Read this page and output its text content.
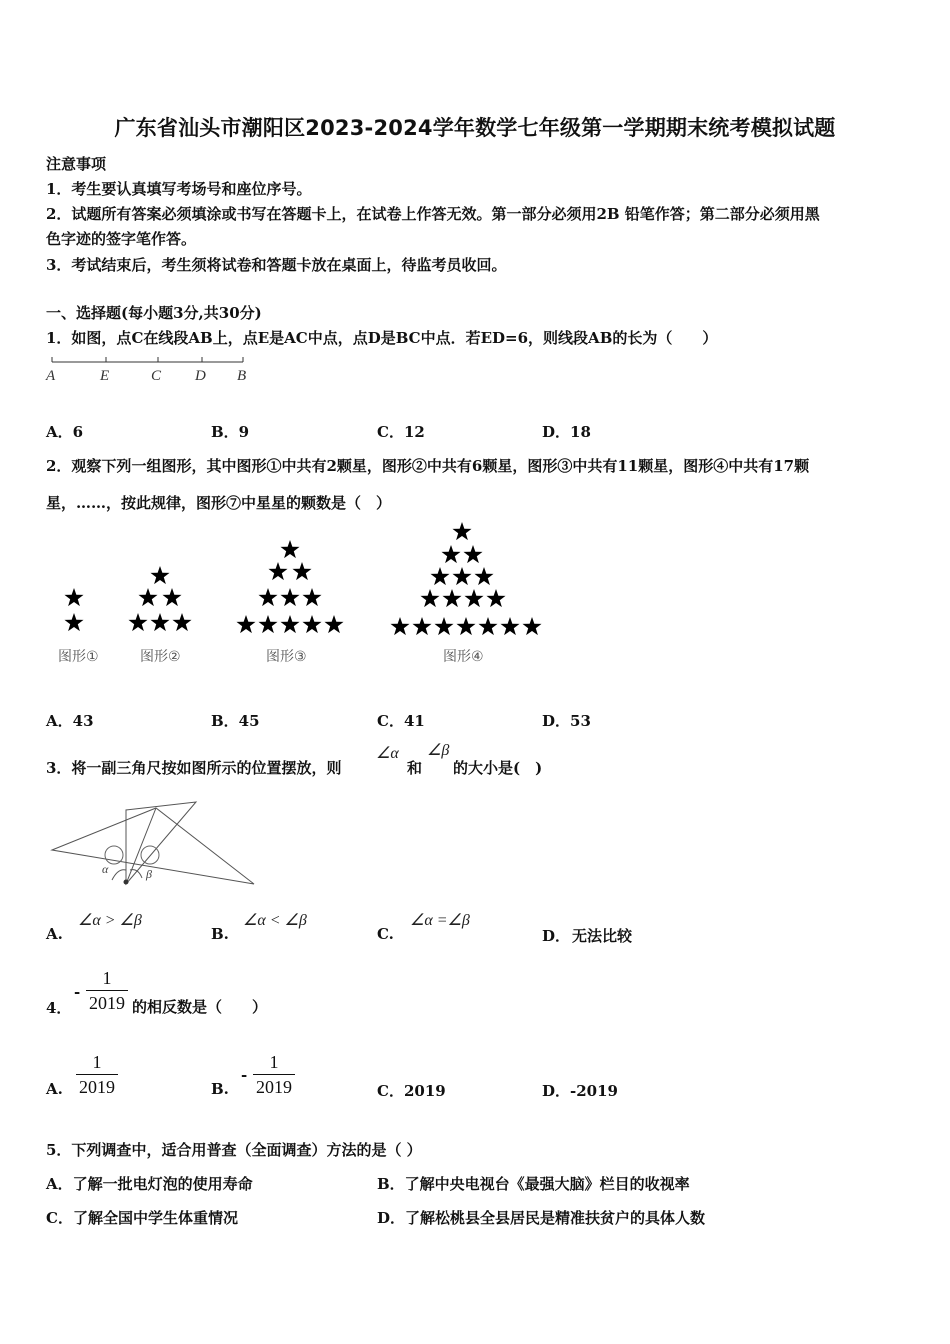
广东省汕头市潮阳区2023-2024学年数学七年级第一学期期末统考模拟试题
注意事项
1．考生要认真填写考场号和座位序号。
2．试题所有答案必须填涂或书写在答题卡上，在试卷上作答无效。第一部分必须用2B 铅笔作答；第二部分必须用黑
色字迹的签字笔作答。
3．考试结束后，考生须将试卷和答题卡放在桌面上，待监考员收回。
一、选择题(每小题3分,共30分)
1．如图，点C在线段AB上，点E是AC中点，点D是BC中点．若ED=6，则线段AB的长为（　　）
A	E	C D B
A．6	B．9	C．12	D．18
2．观察下列一组图形，其中图形①中共有2颗星，图形②中共有6颗星，图形③中共有11颗星，图形④中共有17颗
星，……，按此规律，图形⑦中星星的颗数是（　）
图形①	图形②	图形③	图形④
A．43	B．45	C．41	D．53
3．将一副三角尺按如图所示的位置摆放，则
∠α
和
∠β
的大小是(　)
α	β
A.
∠α > ∠β
B.
∠α < ∠β
C.
∠α =∠β
D． 无法比较
4．
-
1
2019 的相反数是（　　）
A.
1
2019	B.
-
1
2019	C．2019	D．-2019
5．下列调查中，适合用普查（全面调查）方法的是（ ）
A．了解一批电灯泡的使用寿命	B．了解中央电视台《最强大脑》栏目的收视率
C．了解全国中学生体重情况	D．了解松桃县全县居民是精准扶贫户的具体人数
